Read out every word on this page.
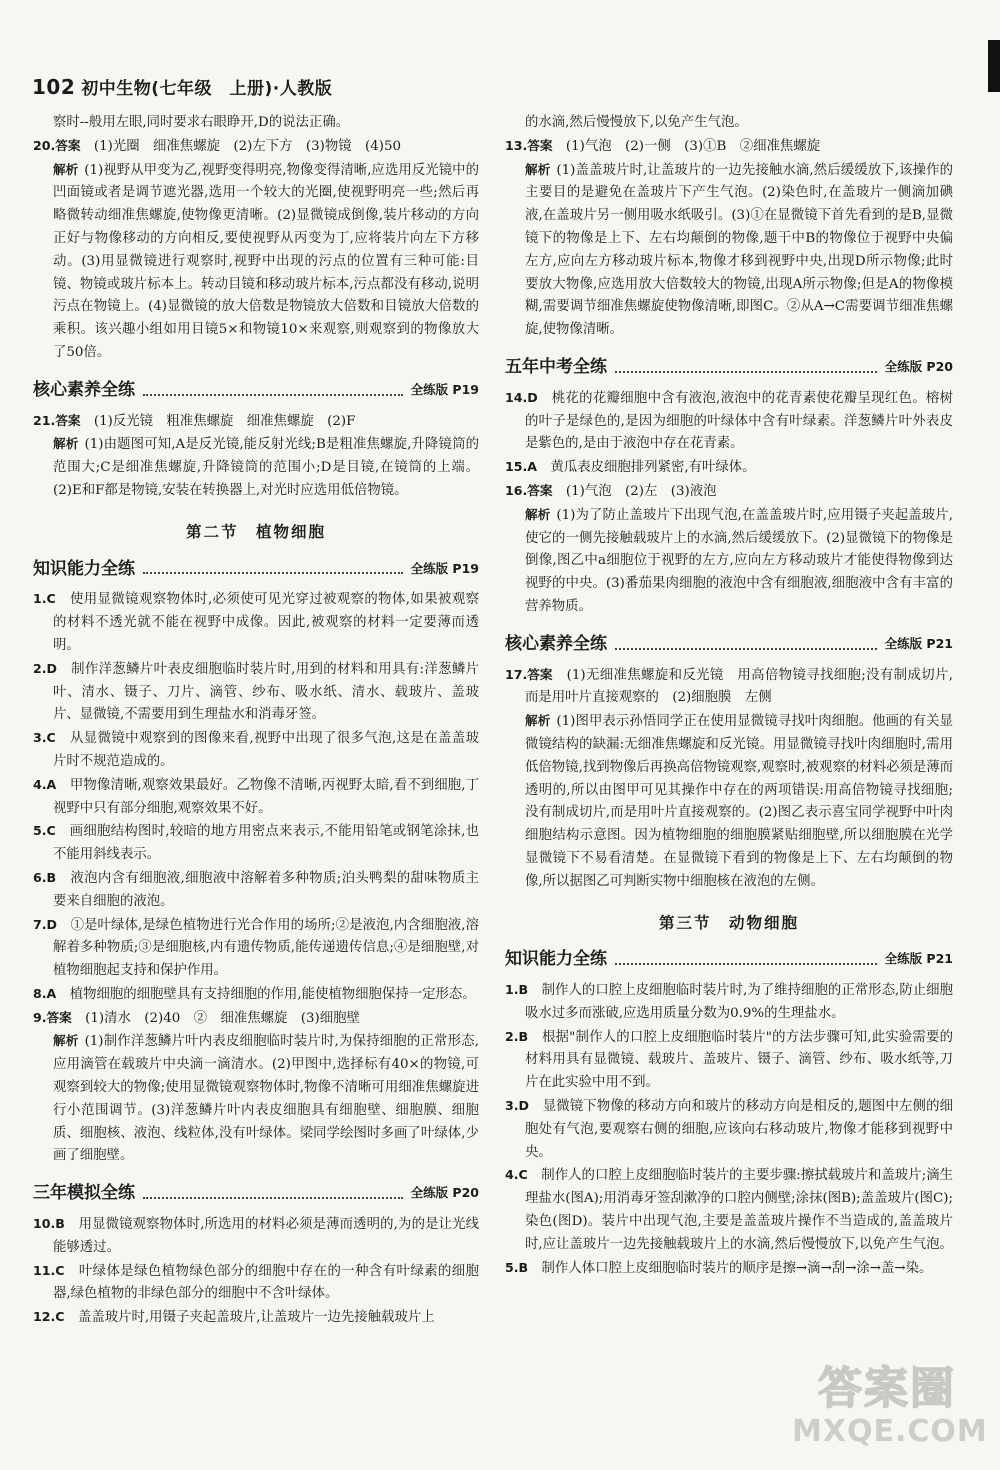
102 初中生物(七年级　上册)·人教版

察时--般用左眼,同时要求右眼睁开,D的说法正确。

20.答案　 (1)光圈　细准焦螺旋　(2)左下方　(3)物镜　(4)50

解析 (1)视野从甲变为乙,视野变得明亮,物像变得清晰,应选用反光镜中的凹面镜或者是调节遮光器,选用一个较大的光圈,使视野明亮一些;然后再略微转动细准焦螺旋,使物像更清晰。(2)显微镜成倒像,装片移动的方向正好与物像移动的方向相反,要使视野从丙变为丁,应将装片向左下方移动。(3)用显微镜进行观察时,视野中出现的污点的位置有三种可能:目镜、物镜或玻片标本上。转动目镜和移动玻片标本,污点都没有移动,说明污点在物镜上。(4)显微镜的放大倍数是物镜放大倍数和目镜放大倍数的乘积。该兴趣小组如用目镜5×和物镜10×来观察,则观察到的物像放大了50倍。

核心素养全练	全练版 P19

21.答案　 (1)反光镜　粗准焦螺旋　细准焦螺旋　(2)F

解析 (1)由题图可知,A是反光镜,能反射光线;B是粗准焦螺旋,升降镜筒的范围大;C是细准焦螺旋,升降镜筒的范围小;D是目镜,在镜筒的上端。(2)E和F都是物镜,安装在转换器上,对光时应选用低倍物镜。

第二节　植物细胞
知识能力全练	全练版 P19

1.C　 使用显微镜观察物体时,必须使可见光穿过被观察的物体,如果被观察的材料不透光就不能在视野中成像。因此,被观察的材料一定要薄而透明。

2.D　 制作洋葱鳞片叶表皮细胞临时装片时,用到的材料和用具有:洋葱鳞片叶、清水、镊子、刀片、滴管、纱布、吸水纸、清水、载玻片、盖玻片、显微镜,不需要用到生理盐水和消毒牙签。

3.C　 从显微镜中观察到的图像来看,视野中出现了很多气泡,这是在盖盖玻片时不规范造成的。

4.A　 甲物像清晰,观察效果最好。乙物像不清晰,丙视野太暗,看不到细胞,丁视野中只有部分细胞,观察效果不好。

5.C　 画细胞结构图时,较暗的地方用密点来表示,不能用铅笔或钢笔涂抹,也不能用斜线表示。

6.B　 液泡内含有细胞液,细胞液中溶解着多种物质;泊头鸭梨的甜味物质主要来自细胞的液泡。

7.D　 ①是叶绿体,是绿色植物进行光合作用的场所;②是液泡,内含细胞液,溶解着多种物质;③是细胞核,内有遗传物质,能传递遗传信息;④是细胞壁,对植物细胞起支持和保护作用。

8.A　 植物细胞的细胞壁具有支持细胞的作用,能使植物细胞保持一定形态。

9.答案　 (1)清水　(2)40　②　细准焦螺旋　(3)细胞壁

解析 (1)制作洋葱鳞片叶内表皮细胞临时装片时,为保持细胞的正常形态,应用滴管在载玻片中央滴一滴清水。(2)甲图中,选择标有40×的物镜,可观察到较大的物像;使用显微镜观察物体时,物像不清晰可用细准焦螺旋进行小范围调节。(3)洋葱鳞片叶内表皮细胞具有细胞壁、细胞膜、细胞质、细胞核、液泡、线粒体,没有叶绿体。梁同学绘图时多画了叶绿体,少画了细胞壁。

三年模拟全练	全练版 P20

10.B　 用显微镜观察物体时,所选用的材料必须是薄而透明的,为的是让光线能够透过。

11.C　 叶绿体是绿色植物绿色部分的细胞中存在的一种含有叶绿素的细胞器,绿色植物的非绿色部分的细胞中不含叶绿体。

12.C　 盖盖玻片时,用镊子夹起盖玻片,让盖玻片一边先接触载玻片上

的水滴,然后慢慢放下,以免产生气泡。

13.答案　 (1)气泡　(2)一侧　(3)①B　②细准焦螺旋

解析 (1)盖盖玻片时,让盖玻片的一边先接触水滴,然后缓缓放下,该操作的主要目的是避免在盖玻片下产生气泡。(2)染色时,在盖玻片一侧滴加碘液,在盖玻片另一侧用吸水纸吸引。(3)①在显微镜下首先看到的是B,显微镜下的物像是上下、左右均颠倒的物像,题干中B的物像位于视野中央偏左方,应向左方移动玻片标本,物像才移到视野中央,出现D所示物像;此时要放大物像,应选用放大倍数较大的物镜,出现A所示物像;但是A的物像模糊,需要调节细准焦螺旋使物像清晰,即图C。②从A→C需要调节细准焦螺旋,使物像清晰。

五年中考全练	全练版 P20

14.D　 桃花的花瓣细胞中含有液泡,液泡中的花青素使花瓣呈现红色。榕树的叶子是绿色的,是因为细胞的叶绿体中含有叶绿素。洋葱鳞片叶外表皮是紫色的,是由于液泡中存在花青素。

15.A　 黄瓜表皮细胞排列紧密,有叶绿体。

16.答案　 (1)气泡　(2)左　(3)液泡

解析 (1)为了防止盖玻片下出现气泡,在盖盖玻片时,应用镊子夹起盖玻片,使它的一侧先接触载玻片上的水滴,然后缓缓放下。(2)显微镜下的物像是倒像,图乙中a细胞位于视野的左方,应向左方移动玻片才能使得物像到达视野的中央。(3)番茄果肉细胞的液泡中含有细胞液,细胞液中含有丰富的营养物质。

核心素养全练	全练版 P21

17.答案　 (1)无细准焦螺旋和反光镜　用高倍物镜寻找细胞;没有制成切片,而是用叶片直接观察的　(2)细胞膜　左侧

解析 (1)图甲表示孙悟同学正在使用显微镜寻找叶肉细胞。他画的有关显微镜结构的缺漏:无细准焦螺旋和反光镜。用显微镜寻找叶肉细胞时,需用低倍物镜,找到物像后再换高倍物镜观察,观察时,被观察的材料必须是薄而透明的,所以由图甲可见其操作中存在的两项错误:用高倍物镜寻找细胞;没有制成切片,而是用叶片直接观察的。(2)图乙表示喜宝同学视野中叶肉细胞结构示意图。因为植物细胞的细胞膜紧贴细胞壁,所以细胞膜在光学显微镜下不易看清楚。在显微镜下看到的物像是上下、左右均颠倒的物像,所以据图乙可判断实物中细胞核在液泡的左侧。

第三节　动物细胞
知识能力全练	全练版 P21

1.B　 制作人的口腔上皮细胞临时装片时,为了维持细胞的正常形态,防止细胞吸水过多而涨破,应选用质量分数为0.9%的生理盐水。

2.B　 根据"制作人的口腔上皮细胞临时装片"的方法步骤可知,此实验需要的材料用具有显微镜、载玻片、盖玻片、镊子、滴管、纱布、吸水纸等,刀片在此实验中用不到。

3.D　 显微镜下物像的移动方向和玻片的移动方向是相反的,题图中左侧的细胞处有气泡,要观察右侧的细胞,应该向右移动玻片,物像才能移到视野中央。

4.C　 制作人的口腔上皮细胞临时装片的主要步骤:擦拭载玻片和盖玻片;滴生理盐水(图A);用消毒牙签刮漱净的口腔内侧壁;涂抹(图B);盖盖玻片(图C);染色(图D)。装片中出现气泡,主要是盖盖玻片操作不当造成的,盖盖玻片时,应让盖玻片一边先接触载玻片上的水滴,然后慢慢放下,以免产生气泡。

5.B　 制作人体口腔上皮细胞临时装片的顺序是擦→滴→刮→涂→盖→染。

答案圈
MXQE.COM
